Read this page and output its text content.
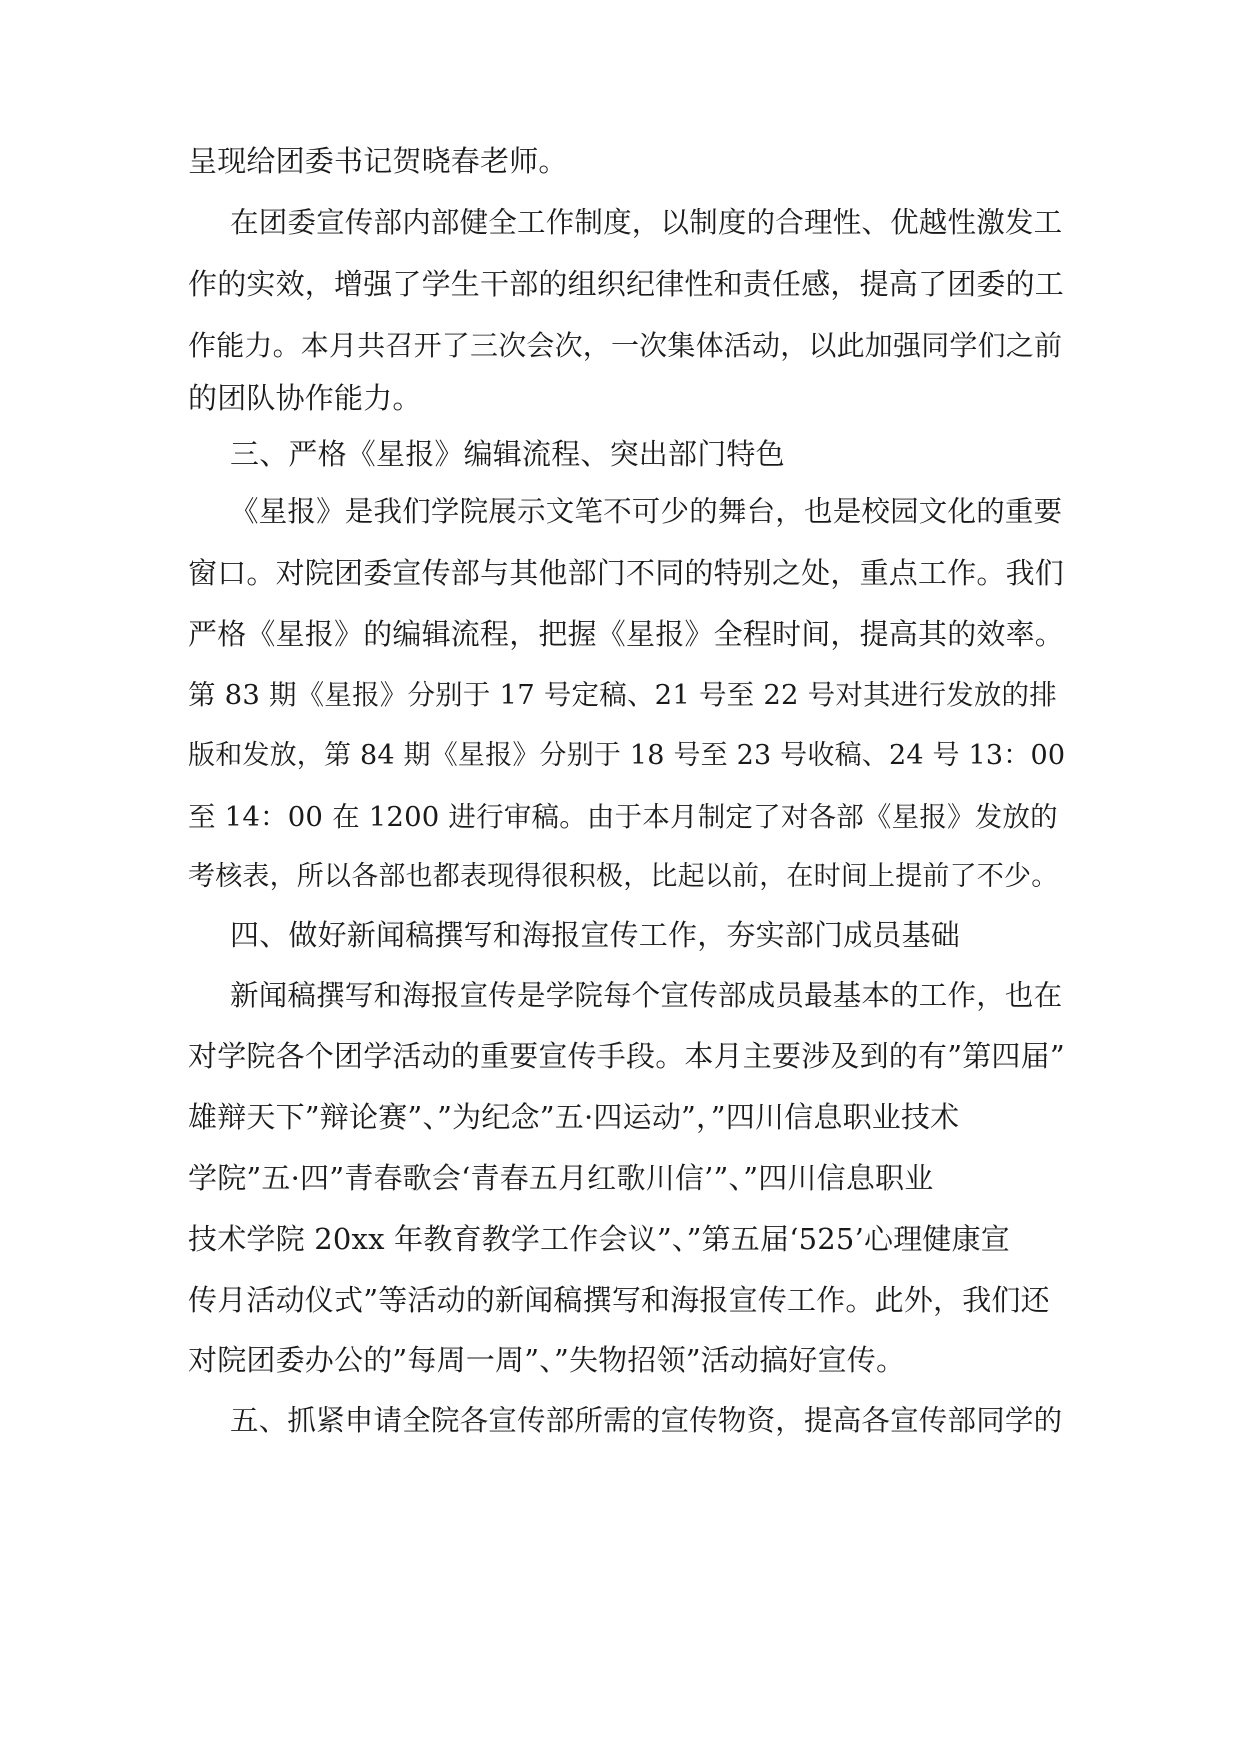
呈现给团委书记贺晓春老师。
在团委宣传部内部健全工作制度，以制度的合理性、优越性激发工
作的实效，增强了学生干部的组织纪律性和责任感，提高了团委的工
作能力。本月共召开了三次会次，一次集体活动，以此加强同学们之前
的团队协作能力。
三、严格《星报》编辑流程、突出部门特色
《星报》是我们学院展示文笔不可少的舞台，也是校园文化的重要
窗口。对院团委宣传部与其他部门不同的特别之处，重点工作。我们
严格《星报》的编辑流程，把握《星报》全程时间，提高其的效率。
第 83 期《星报》分别于 17 号定稿、21 号至 22 号对其进行发放的排
版和发放，第 84 期《星报》分别于 18 号至 23 号收稿、24 号 13：00
至 14：00 在 1200 进行审稿。由于本月制定了对各部《星报》发放的
考核表，所以各部也都表现得很积极，比起以前，在时间上提前了不少。
四、做好新闻稿撰写和海报宣传工作，夯实部门成员基础
新闻稿撰写和海报宣传是学院每个宣传部成员最基本的工作，也在
对学院各个团学活动的重要宣传手段。本月主要涉及到的有”第四届”
雄辩天下”辩论赛”、”为纪念”五·四运动”，”四川信息职业技术
学院”五·四”青春歌会‘青春五月红歌川信’”、”四川信息职业
技术学院 20xx 年教育教学工作会议”、”第五届‘525’心理健康宣
传月活动仪式”等活动的新闻稿撰写和海报宣传工作。此外，我们还
对院团委办公的”每周一周”、”失物招领”活动搞好宣传。
五、抓紧申请全院各宣传部所需的宣传物资，提高各宣传部同学的
